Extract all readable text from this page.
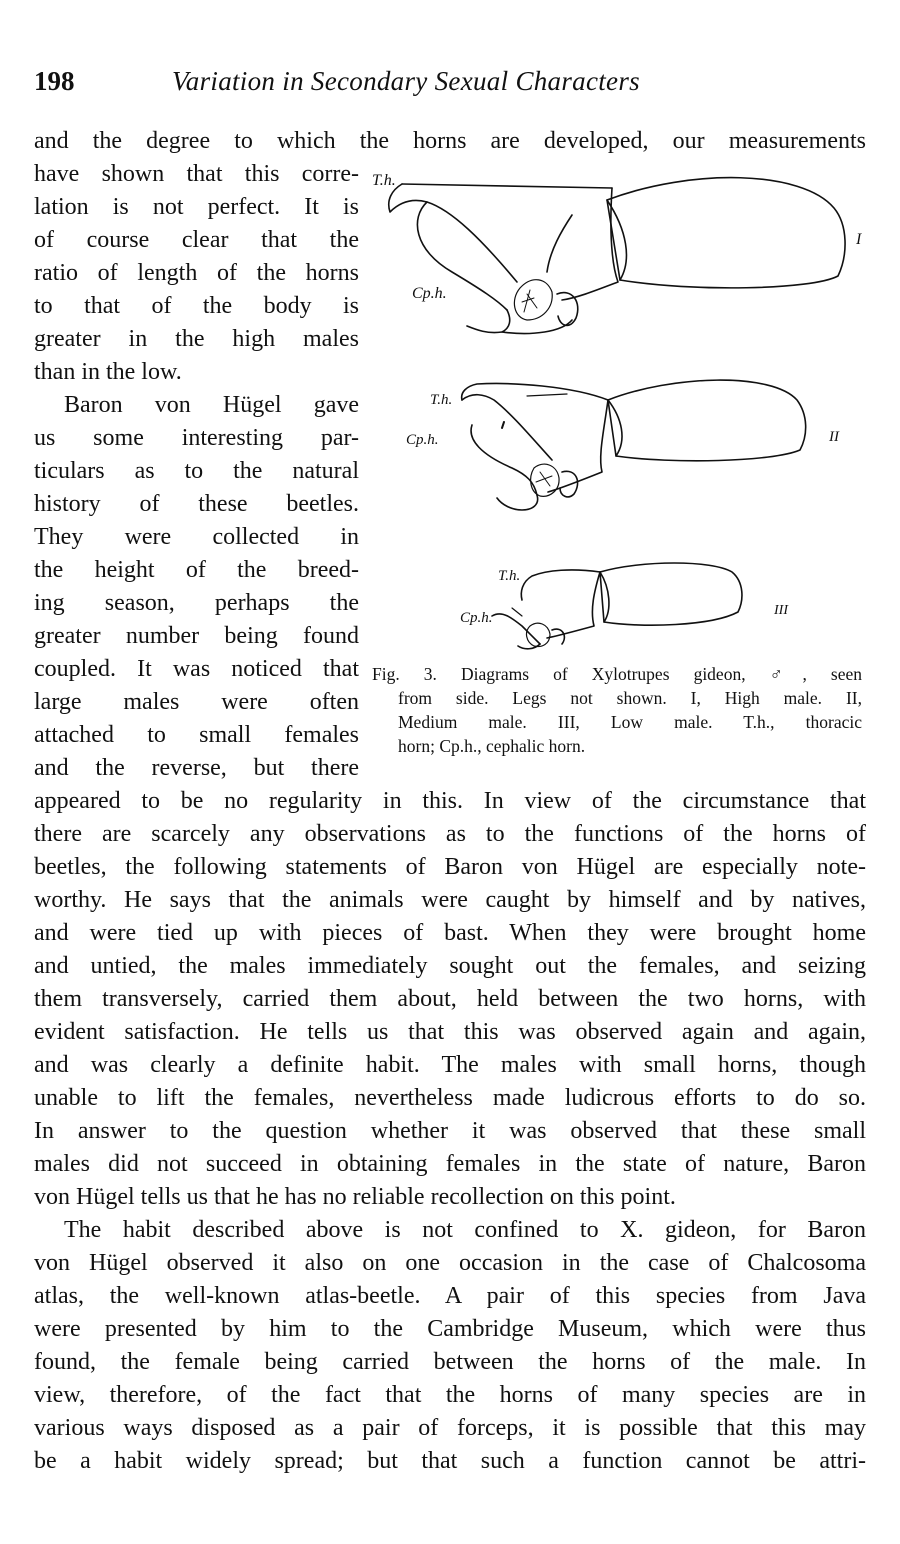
198	Variation in Secondary Sexual Characters
and the degree to which the horns are developed, our measurements
have shown that this corre-
lation is not perfect. It is
of course clear that the
ratio of length of the horns
to that of the body is
greater in the high males
than in the low.
Baron von Hügel gave
us some interesting par-
ticulars as to the natural
history of these beetles.
They were collected in
the height of the breed-
ing season, perhaps the
greater number being found
coupled. It was noticed that
large males were often
attached to small females
and the reverse, but there
appeared to be no regularity in this. In view of the circumstance that
there are scarcely any observations as to the functions of the horns of
beetles, the following statements of Baron von Hügel are especially note-
worthy. He says that the animals were caught by himself and by natives,
and were tied up with pieces of bast. When they were brought home
and untied, the males immediately sought out the females, and seizing
them transversely, carried them about, held between the two horns, with
evident satisfaction. He tells us that this was observed again and again,
and was clearly a definite habit. The males with small horns, though
unable to lift the females, nevertheless made ludicrous efforts to do so.
In answer to the question whether it was observed that these small
males did not succeed in obtaining females in the state of nature, Baron
von Hügel tells us that he has no reliable recollection on this point.
The habit described above is not confined to X. gideon, for Baron
von Hügel observed it also on one occasion in the case of Chalcosoma
atlas, the well-known atlas-beetle. A pair of this species from Java
were presented by him to the Cambridge Museum, which were thus
found, the female being carried between the horns of the male. In
view, therefore, of the fact that the horns of many species are in
various ways disposed as a pair of forceps, it is possible that this may
be a habit widely spread; but that such a function cannot be attri-
T.h.
Cp.h.
I
T.h.
Cp.h.	II
T.h.
Cp.h.	III
Fig. 3. Diagrams of Xylotrupes gideon, ♂, seen
from side. Legs not shown. I, High male. II,
Medium male. III, Low male. T.h., thoracic
horn; Cp.h., cephalic horn.
